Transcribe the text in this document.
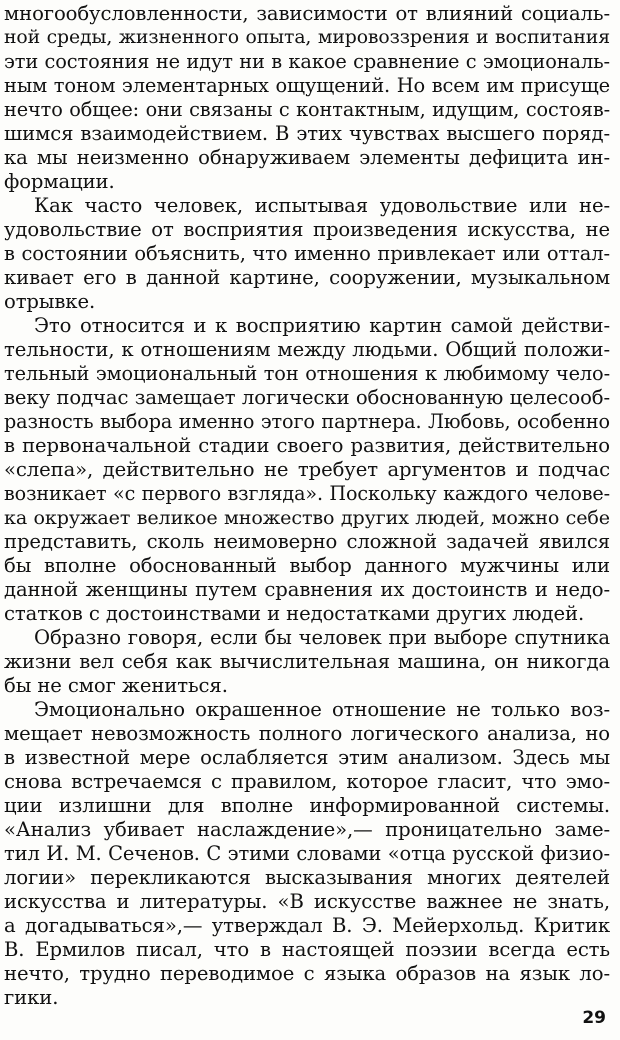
многообусловленности, зависимости от влияний социаль-
ной среды, жизненного опыта, мировоззрения и воспитания
эти состояния не идут ни в какое сравнение с эмоциональ-
ным тоном элементарных ощущений. Но всем им присуще
нечто общее: они связаны с контактным, идущим, состояв-
шимся взаимодействием. В этих чувствах высшего поряд-
ка мы неизменно обнаруживаем элементы дефицита ин-
формации.
Как часто человек, испытывая удовольствие или не-
удовольствие от восприятия произведения искусства, не
в состоянии объяснить, что именно привлекает или оттал-
кивает его в данной картине, сооружении, музыкальном
отрывке.
Это относится и к восприятию картин самой действи-
тельности, к отношениям между людьми. Общий положи-
тельный эмоциональный тон отношения к любимому чело-
веку подчас замещает логически обоснованную целесооб-
разность выбора именно этого партнера. Любовь, особенно
в первоначальной стадии своего развития, действительно
«слепа», действительно не требует аргументов и подчас
возникает «с первого взгляда». Поскольку каждого челове-
ка окружает великое множество других людей, можно себе
представить, сколь неимоверно сложной задачей явился
бы вполне обоснованный выбор данного мужчины или
данной женщины путем сравнения их достоинств и недо-
статков с достоинствами и недостатками других людей.
Образно говоря, если бы человек при выборе спутника
жизни вел себя как вычислительная машина, он никогда
бы не смог жениться.
Эмоционально окрашенное отношение не только воз-
мещает невозможность полного логического анализа, но
в известной мере ослабляется этим анализом. Здесь мы
снова встречаемся с правилом, которое гласит, что эмо-
ции излишни для вполне информированной системы.
«Анализ убивает наслаждение»,— проницательно заме-
тил И. М. Сеченов. С этими словами «отца русской физио-
логии» перекликаются высказывания многих деятелей
искусства и литературы. «В искусстве важнее не знать,
а догадываться»,— утверждал В. Э. Мейерхольд. Критик
В. Ермилов писал, что в настоящей поэзии всегда есть
нечто, трудно переводимое с языка образов на язык ло-
гики.
29
